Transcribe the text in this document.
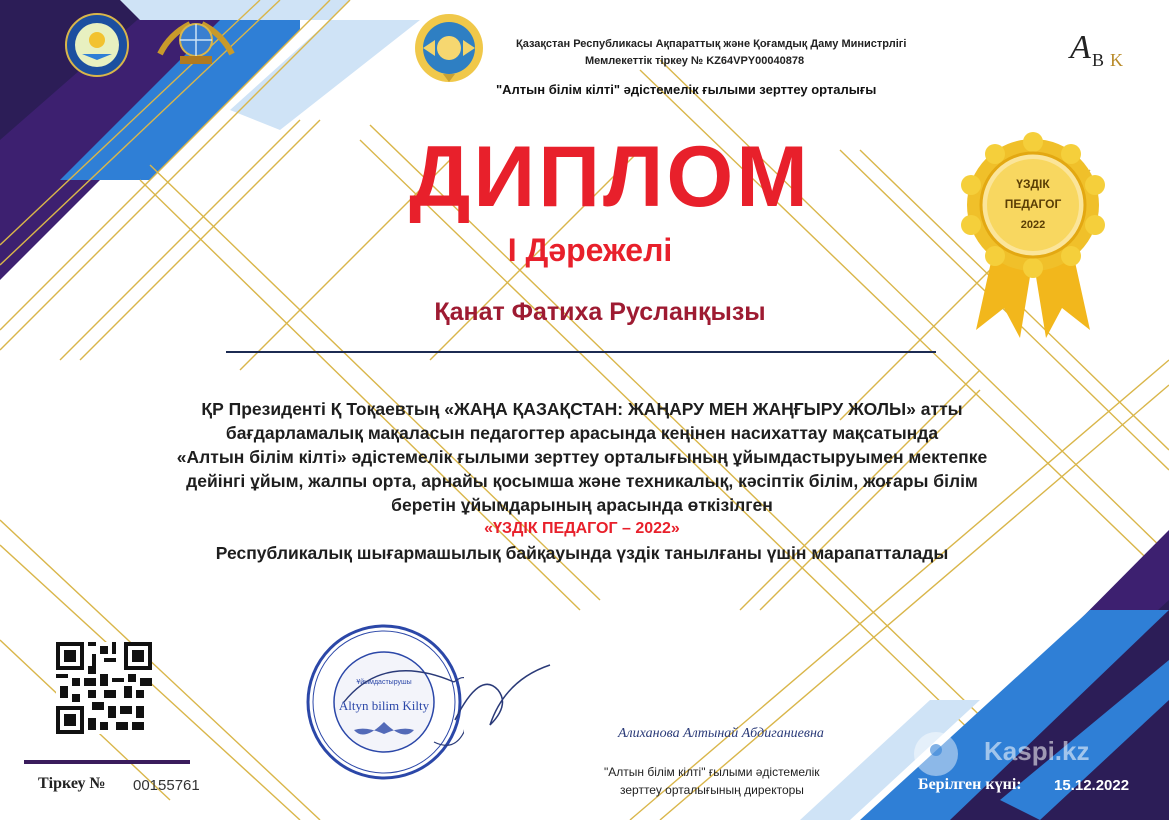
A B K
Қазақстан Республикасы Ақпараттық және Қоғамдық Даму Министрлігі
Мемлекеттік тіркеу № KZ64VPY00040878
"Алтын білім кілті" әдістемелік ғылыми зерттеу орталығы
ДИПЛОМ
І Дәрежелі
Қанат Фатиха Русланқызы
ҮЗДІК
ПЕДАГОГ
2022
ҚР Президенті Қ Тоқаевтың «ЖАҢА ҚАЗАҚСТАН: ЖАҢАРУ МЕН ЖАҢҒЫРУ ЖОЛЫ» атты
бағдарламалық мақаласын педагогтер арасында кеңінен насихаттау мақсатында
«Алтын білім кілті» әдістемелік ғылыми зерттеу орталығының ұйымдастыруымен мектепке
дейінгі ұйым, жалпы орта, арнайы қосымша және техникалық, кәсіптік білім, жоғары білім
беретін ұйымдарының арасында өткізілген
«ҮЗДІК ПЕДАГОГ – 2022»
Республикалық шығармашылық байқауында үздік танылғаны үшін марапатталады
Тіркеу № 00155761
Ұйымдастырушы
Altyn bilim Kilty
Алиханова Алтынай Абдиганиевна
"Алтын білім кілті" ғылыми әдістемелік
зерттеу орталығының директоры
Kaspi.kz
Берілген күні: 15.12.2022
